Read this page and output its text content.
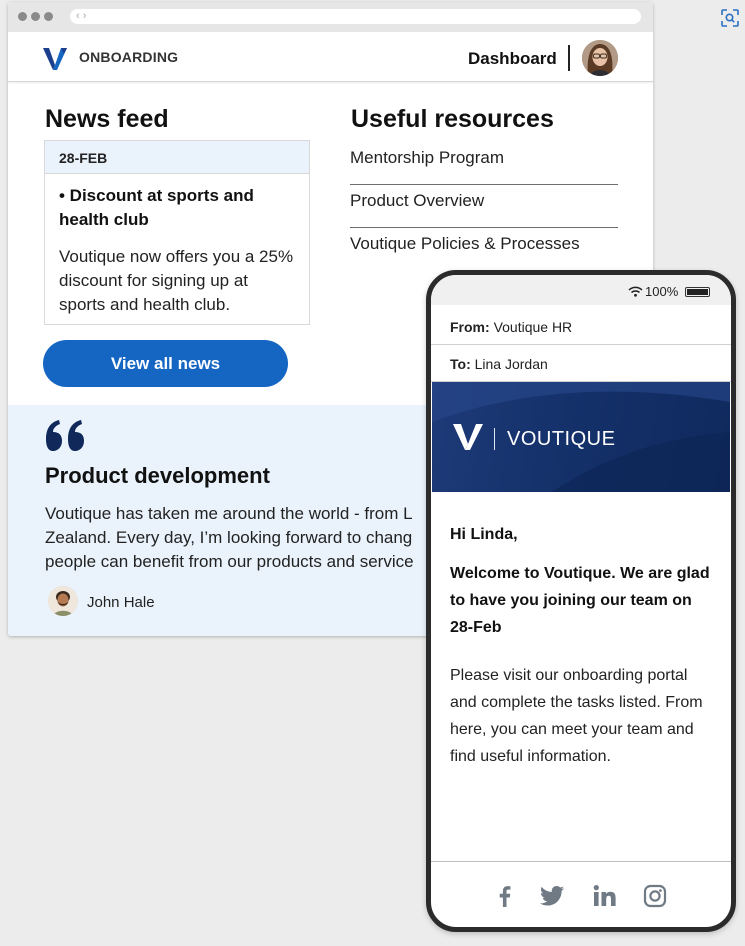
‹ ›
ONBOARDING	Dashboard
News feed
28-FEB
• Discount at sports and health club
Voutique now offers you a 25% discount for signing up at sports and health club.
View all news
Useful resources
Mentorship Program
Product Overview
Voutique Policies & Processes
Product development
Voutique has taken me around the world - from L
Zealand. Every day, I’m looking forward to chang
people can benefit from our products and service
John Hale
100%
From: Voutique HR
To: Lina Jordan
VOUTIQUE
Hi Linda,
Welcome to Voutique. We are glad to have you joining our team on 28-Feb
Please visit our onboarding portal and complete the tasks listed. From here, you can meet your team and find useful information.
